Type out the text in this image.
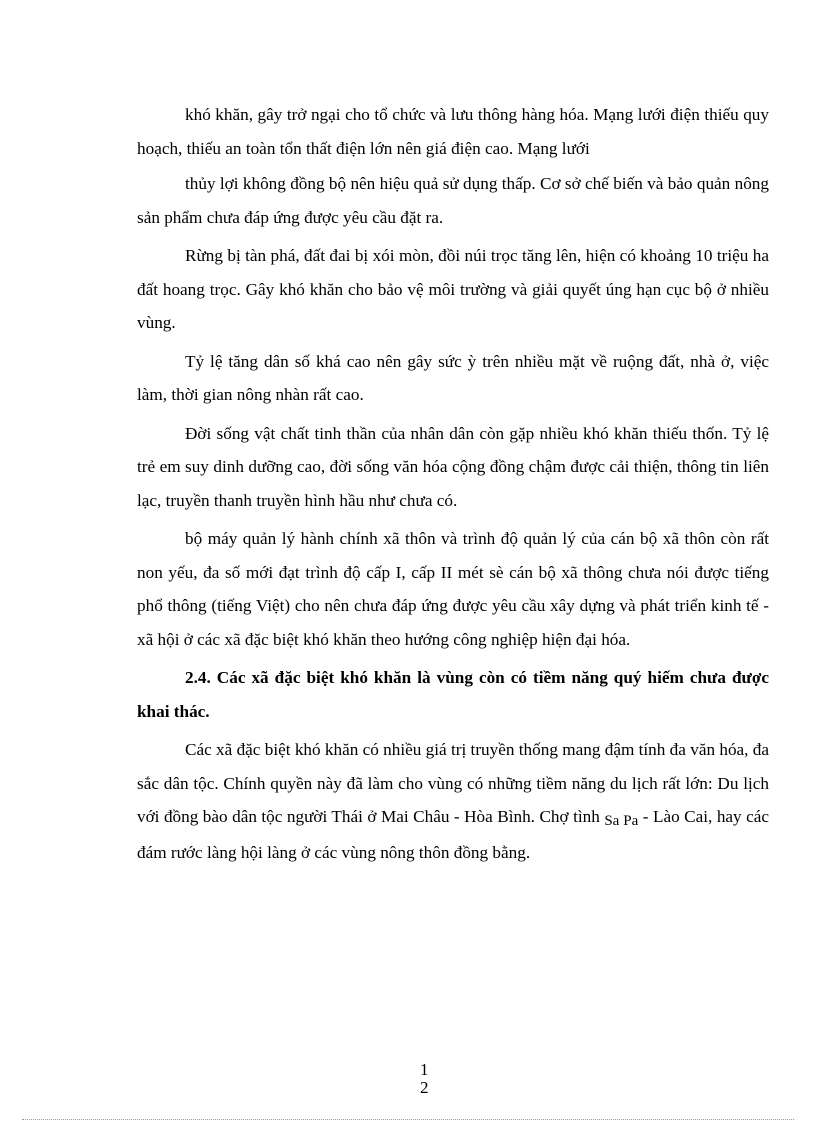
khó khăn, gây trở ngại cho tổ chức và lưu thông hàng hóa. Mạng lưới điện thiếu quy hoạch, thiếu an toàn tổn thất điện lớn nên giá điện cao. Mạng lưới

thủy lợi không đồng bộ nên hiệu quả sử dụng thấp. Cơ sở chế biến và bảo quản nông sản phẩm chưa đáp ứng được yêu cầu đặt ra.

Rừng bị tàn phá, đất đai bị xói mòn, đồi núi trọc tăng lên, hiện có khoảng 10 triệu ha đất hoang trọc. Gây khó khăn cho bảo vệ môi trường và giải quyết úng hạn cục bộ ở nhiều vùng.

Tỷ lệ tăng dân số khá cao nên gây sức ỳ trên nhiều mặt về ruộng đất, nhà ở, việc làm, thời gian nông nhàn rất cao.

Đời sống vật chất tinh thần của nhân dân còn gặp nhiều khó khăn thiếu thốn. Tỷ lệ trẻ em suy dinh dưỡng cao, đời sống văn hóa cộng đồng chậm được cải thiện, thông tin liên lạc, truyền thanh truyền hình hầu như chưa có.

bộ máy quản lý hành chính xã thôn và trình độ quản lý của cán bộ xã thôn còn rất non yếu, đa số mới đạt trình độ cấp I, cấp II mét sè cán bộ xã thông chưa nói được tiếng phổ thông (tiếng Việt) cho nên chưa đáp ứng được yêu cầu xây dựng và phát triển kinh tế - xã hội ở các xã đặc biệt khó khăn theo hướng công nghiệp hiện đại hóa.

2.4. Các xã đặc biệt khó khăn là vùng còn có tiềm năng quý hiếm chưa được khai thác.

Các xã đặc biệt khó khăn có nhiều giá trị truyền thống mang đậm tính đa văn hóa, đa sắc dân tộc. Chính quyền này đã làm cho vùng có những tiềm năng du lịch rất lớn: Du lịch với đồng bào dân tộc người Thái ở Mai Châu - Hòa Bình. Chợ tình Sa Pa - Lào Cai, hay các đám rước làng hội làng ở các vùng nông thôn đồng bằng.

1
2
